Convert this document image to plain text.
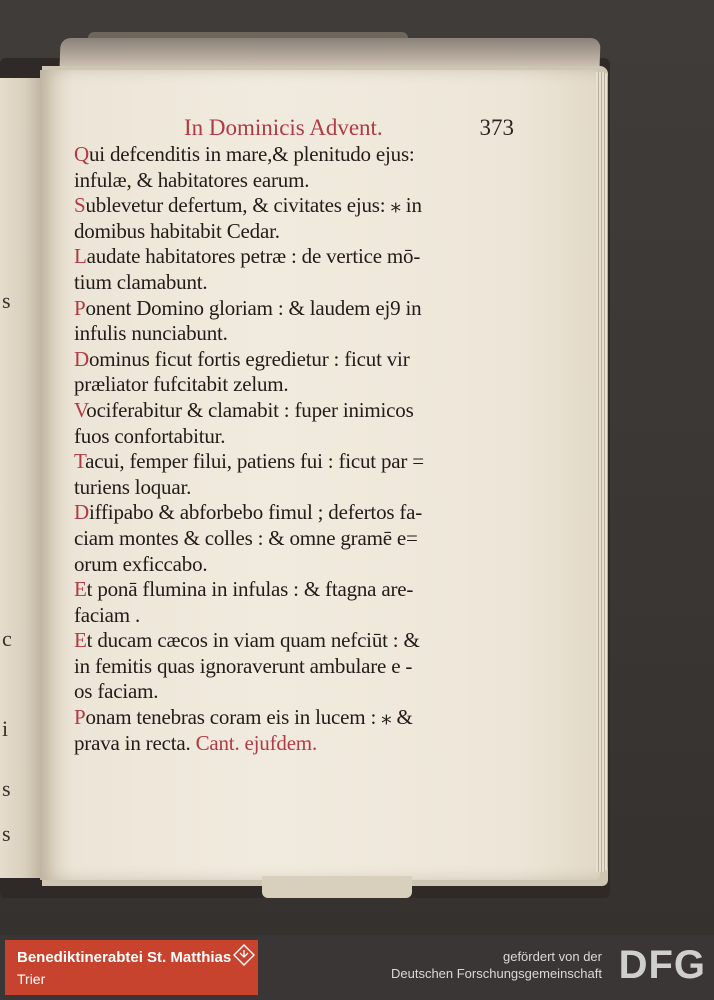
s
c
i
s
s
In Dominicis Advent.	373
Qui defcenditis in mare,& plenitudo ejus:
infulæ, & habitatores earum.
Sublevetur defertum, & civitates ejus: ⁎ in
domibus habitabit Cedar.
Laudate habitatores petræ : de vertice mō-
tium clamabunt.
Ponent Domino gloriam : & laudem ej9 in
infulis nunciabunt.
Dominus ficut fortis egredietur : ficut vir
præliator fufcitabit zelum.
Vociferabitur & clamabit : fuper inimicos
fuos confortabitur.
Tacui, femper filui, patiens fui : ficut par =
turiens loquar.
Diffipabo & abforbebo fimul ; defertos fa-
ciam montes & colles : & omne gramē e=
orum exficcabo.
Et ponā flumina in infulas : & ftagna are-
faciam .
Et ducam cæcos in viam quam nefciūt : &
in femitis quas ignoraverunt ambulare e -
os faciam.
Ponam tenebras coram eis in lucem : ⁎ &
prava in recta. Cant. ejufdem.
Benediktinerabtei St. Matthias
Trier
gefördert von der
Deutschen Forschungsgemeinschaft DFG
